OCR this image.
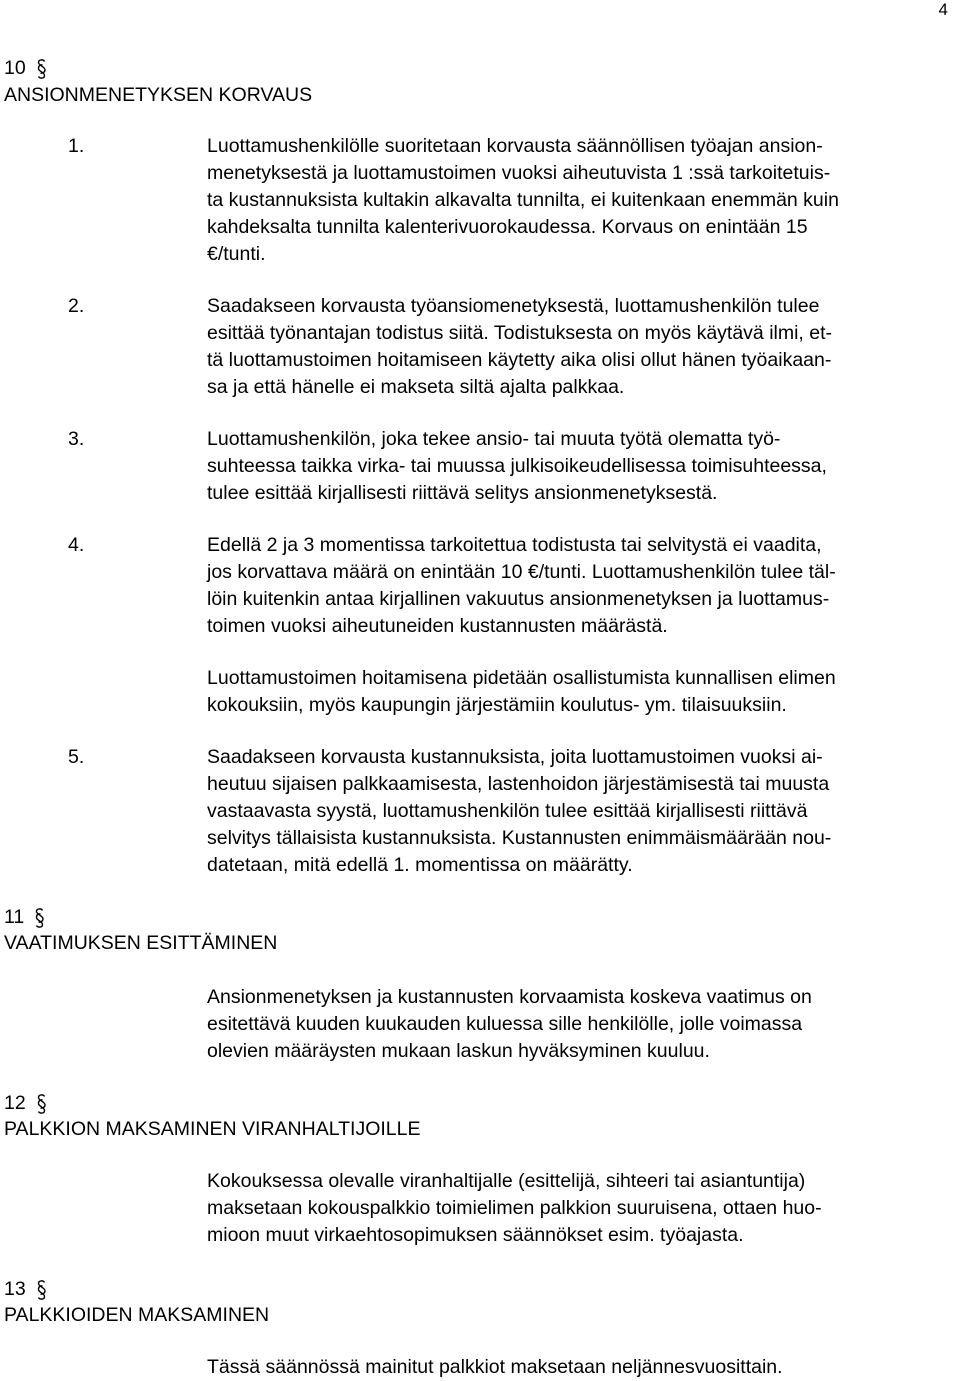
4
10
ANSIONMENETYKSEN KORVAUS
1.	Luottamushenkilölle suoritetaan korvausta säännöllisen työajan ansion-
menetyksestä ja luottamustoimen vuoksi aiheutuvista 1 :ssä tarkoitetuis-
ta kustannuksista kultakin alkavalta tunnilta, ei kuitenkaan enemmän kuin
kahdeksalta tunnilta kalenterivuorokaudessa. Korvaus on enintään 15
€/tunti.
2.	Saadakseen korvausta työansiomenetyksestä, luottamushenkilön tulee
esittää työnantajan todistus siitä. Todistuksesta on myös käytävä ilmi, et-
tä luottamustoimen hoitamiseen käytetty aika olisi ollut hänen työaikaan-
sa ja että hänelle ei makseta siltä ajalta palkkaa.
3.	Luottamushenkilön, joka tekee ansio- tai muuta työtä olematta työ-
suhteessa taikka virka- tai muussa julkisoikeudellisessa toimisuhteessa,
tulee esittää kirjallisesti riittävä selitys ansionmenetyksestä.
4.	Edellä 2 ja 3 momentissa tarkoitettua todistusta tai selvitystä ei vaadita,
jos korvattava määrä on enintään 10 €/tunti. Luottamushenkilön tulee täl-
löin kuitenkin antaa kirjallinen vakuutus ansionmenetyksen ja luottamus-
toimen vuoksi aiheutuneiden kustannusten määrästä.
Luottamustoimen hoitamisena pidetään osallistumista kunnallisen elimen
kokouksiin, myös kaupungin järjestämiin koulutus- ym. tilaisuuksiin.
5.	Saadakseen korvausta kustannuksista, joita luottamustoimen vuoksi ai-
heutuu sijaisen palkkaamisesta, lastenhoidon järjestämisestä tai muusta
vastaavasta syystä, luottamushenkilön tulee esittää kirjallisesti riittävä
selvitys tällaisista kustannuksista. Kustannusten enimmäismäärään nou-
datetaan, mitä edellä 1. momentissa on määrätty.
11
VAATIMUKSEN ESITTÄMINEN
Ansionmenetyksen ja kustannusten korvaamista koskeva vaatimus on
esitettävä kuuden kuukauden kuluessa sille henkilölle, jolle voimassa
olevien määräysten mukaan laskun hyväksyminen kuuluu.
12
PALKKION MAKSAMINEN VIRANHALTIJOILLE
Kokouksessa olevalle viranhaltijalle (esittelijä, sihteeri tai asiantuntija)
maksetaan kokouspalkkio toimielimen palkkion suuruisena, ottaen huo-
mioon muut virkaehtosopimuksen säännökset esim. työajasta.
13
PALKKIOIDEN MAKSAMINEN
Tässä säännössä mainitut palkkiot maksetaan neljännesvuosittain.
